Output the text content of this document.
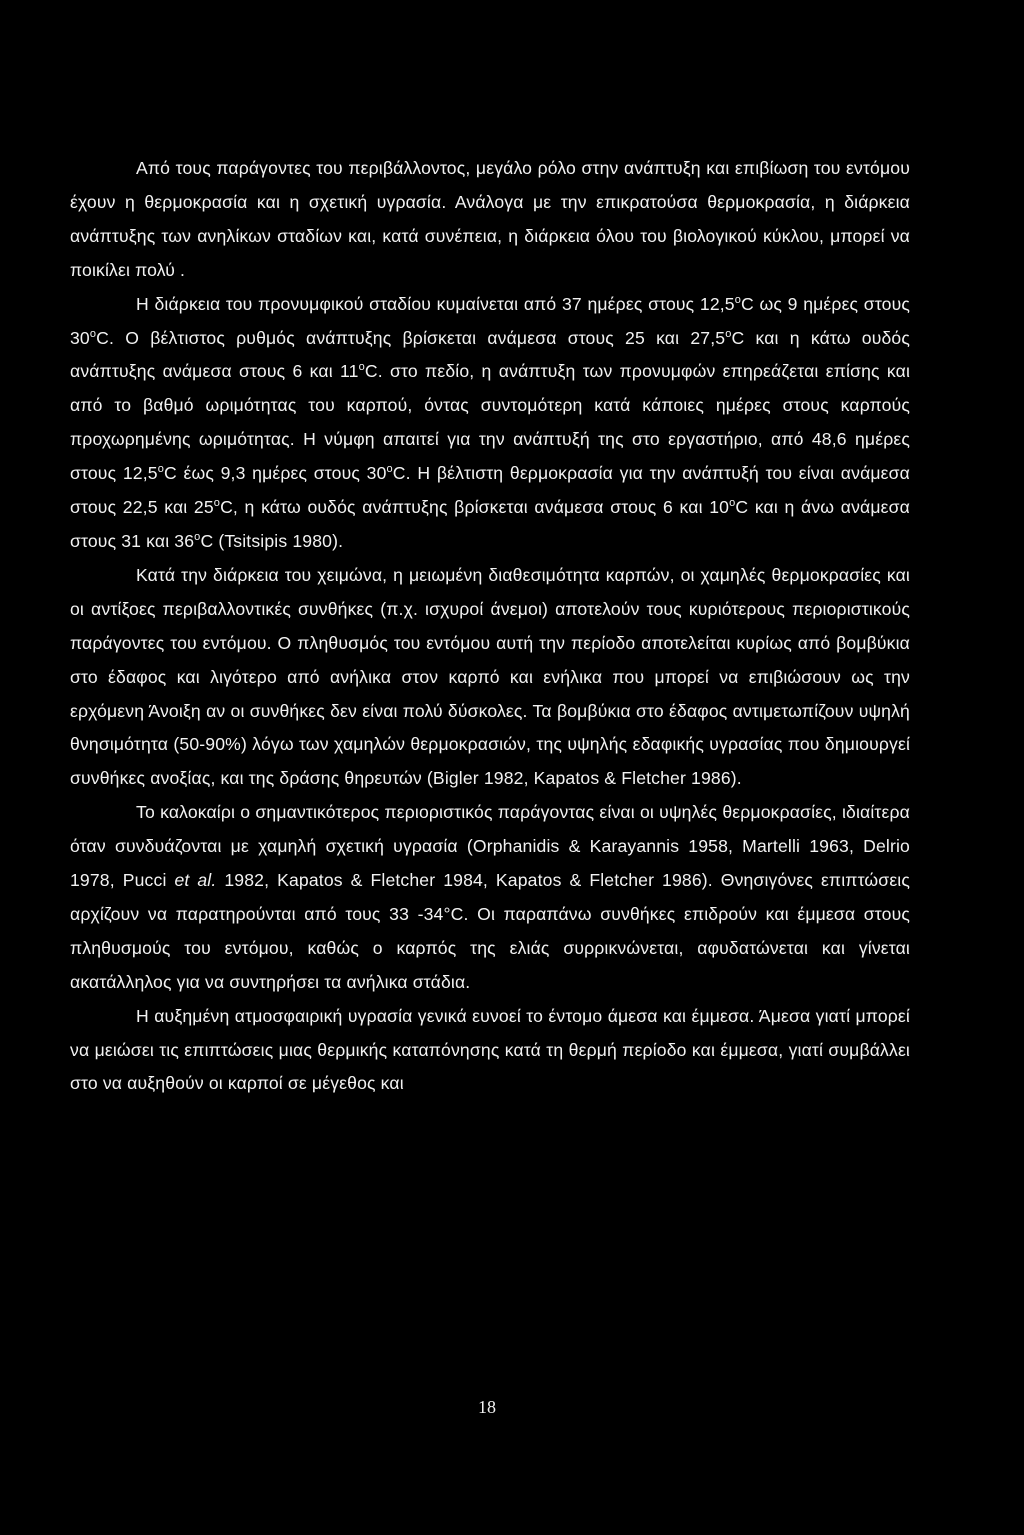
Από τους παράγοντες του περιβάλλοντος, μεγάλο ρόλο στην ανάπτυξη και επιβίωση του εντόμου έχουν η θερμοκρασία και η σχετική υγρασία. Ανάλογα με την επικρατούσα θερμοκρασία, η διάρκεια ανάπτυξης των ανηλίκων σταδίων και, κατά συνέπεια, η διάρκεια όλου του βιολογικού κύκλου, μπορεί να ποικίλει πολύ .

Η διάρκεια του προνυμφικού σταδίου κυμαίνεται από 37 ημέρες στους 12,5$^o$C ως 9 ημέρες στους 30$^o$C. Ο βέλτιστος ρυθμός ανάπτυξης βρίσκεται ανάμεσα στους 25 και 27,5$^o$C και η κάτω ουδός ανάπτυξης ανάμεσα στους 6 και 11$^o$C. στο πεδίο, η ανάπτυξη των προνυμφών επηρεάζεται επίσης και από το βαθμό ωριμότητας του καρπού, όντας συντομότερη κατά κάποιες ημέρες στους καρπούς προχωρημένης ωριμότητας. Η νύμφη απαιτεί για την ανάπτυξή της στο εργαστήριο, από 48,6 ημέρες στους 12,5$^o$C έως 9,3 ημέρες στους 30$^o$C. Η βέλτιστη θερμοκρασία για την ανάπτυξή του είναι ανάμεσα στους 22,5 και 25$^o$C, η κάτω ουδός ανάπτυξης βρίσκεται ανάμεσα στους 6 και 10$^o$C και η άνω ανάμεσα στους 31 και 36$^o$C (Tsitsipis 1980).

Κατά την διάρκεια του χειμώνα, η μειωμένη διαθεσιμότητα καρπών, οι χαμηλές θερμοκρασίες και οι αντίξοες περιβαλλοντικές συνθήκες (π.χ. ισχυροί άνεμοι) αποτελούν τους κυριότερους περιοριστικούς παράγοντες του εντόμου. Ο πληθυσμός του εντόμου αυτή την περίοδο αποτελείται κυρίως από βομβύκια στο έδαφος και λιγότερο από ανήλικα στον καρπό και ενήλικα που μπορεί να επιβιώσουν ως την ερχόμενη Άνοιξη αν οι συνθήκες δεν είναι πολύ δύσκολες. Τα βομβύκια στο έδαφος αντιμετωπίζουν υψηλή θνησιμότητα (50-90%) λόγω των χαμηλών θερμοκρασιών, της υψηλής εδαφικής υγρασίας που δημιουργεί συνθήκες ανοξίας, και της δράσης θηρευτών (Bigler 1982, Kapatos & Fletcher 1986).

Το καλοκαίρι ο σημαντικότερος περιοριστικός παράγοντας είναι οι υψηλές θερμοκρασίες, ιδιαίτερα όταν συνδυάζονται με χαμηλή σχετική υγρασία (Orphanidis & Karayannis 1958, Martelli 1963, Delrio 1978, Pucci et al. 1982, Kapatos & Fletcher 1984, Kapatos & Fletcher 1986). Θνησιγόνες επιπτώσεις αρχίζουν να παρατηρούνται από τους 33 -34°C. Οι παραπάνω συνθήκες επιδρούν και έμμεσα στους πληθυσμούς του εντόμου, καθώς ο καρπός της ελιάς συρρικνώνεται, αφυδατώνεται και γίνεται ακατάλληλος για να συντηρήσει τα ανήλικα στάδια.

Η αυξημένη ατμοσφαιρική υγρασία γενικά ευνοεί το έντομο άμεσα και έμμεσα. Άμεσα γιατί μπορεί να μειώσει τις επιπτώσεις μιας θερμικής καταπόνησης κατά τη θερμή περίοδο και έμμεσα, γιατί συμβάλλει στο να αυξηθούν οι καρποί σε μέγεθος και

18
